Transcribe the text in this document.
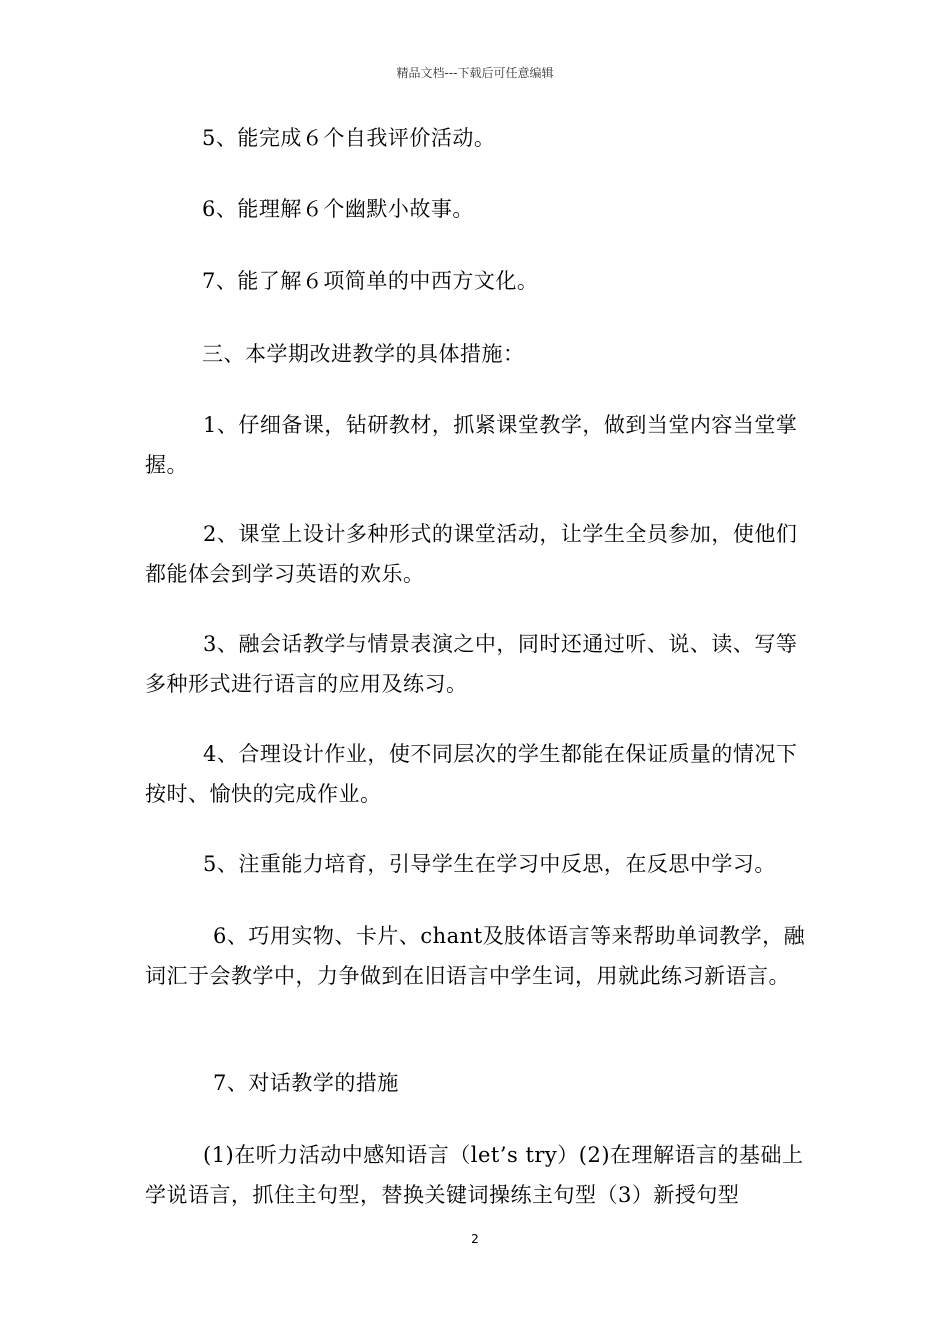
精品文档---下载后可任意编辑
5、能完成６个自我评价活动。
6、能理解６个幽默小故事。
7、能了解６项简单的中西方文化。
三、本学期改进教学的具体措施：
1、仔细备课，钻研教材，抓紧课堂教学，做到当堂内容当堂掌握。
2、课堂上设计多种形式的课堂活动，让学生全员参加，使他们都能体会到学习英语的欢乐。
3、融会话教学与情景表演之中，同时还通过听、说、读、写等多种形式进行语言的应用及练习。
4、合理设计作业，使不同层次的学生都能在保证质量的情况下按时、愉快的完成作业。
5、注重能力培育，引导学生在学习中反思，在反思中学习。
6、巧用实物、卡片、chant及肢体语言等来帮助单词教学，融词汇于会教学中，力争做到在旧语言中学生词，用就此练习新语言。
7、对话教学的措施
(1)在听力活动中感知语言（let’s try）(2)在理解语言的基础上学说语言，抓住主句型，替换关键词操练主句型（3）新授句型
2
